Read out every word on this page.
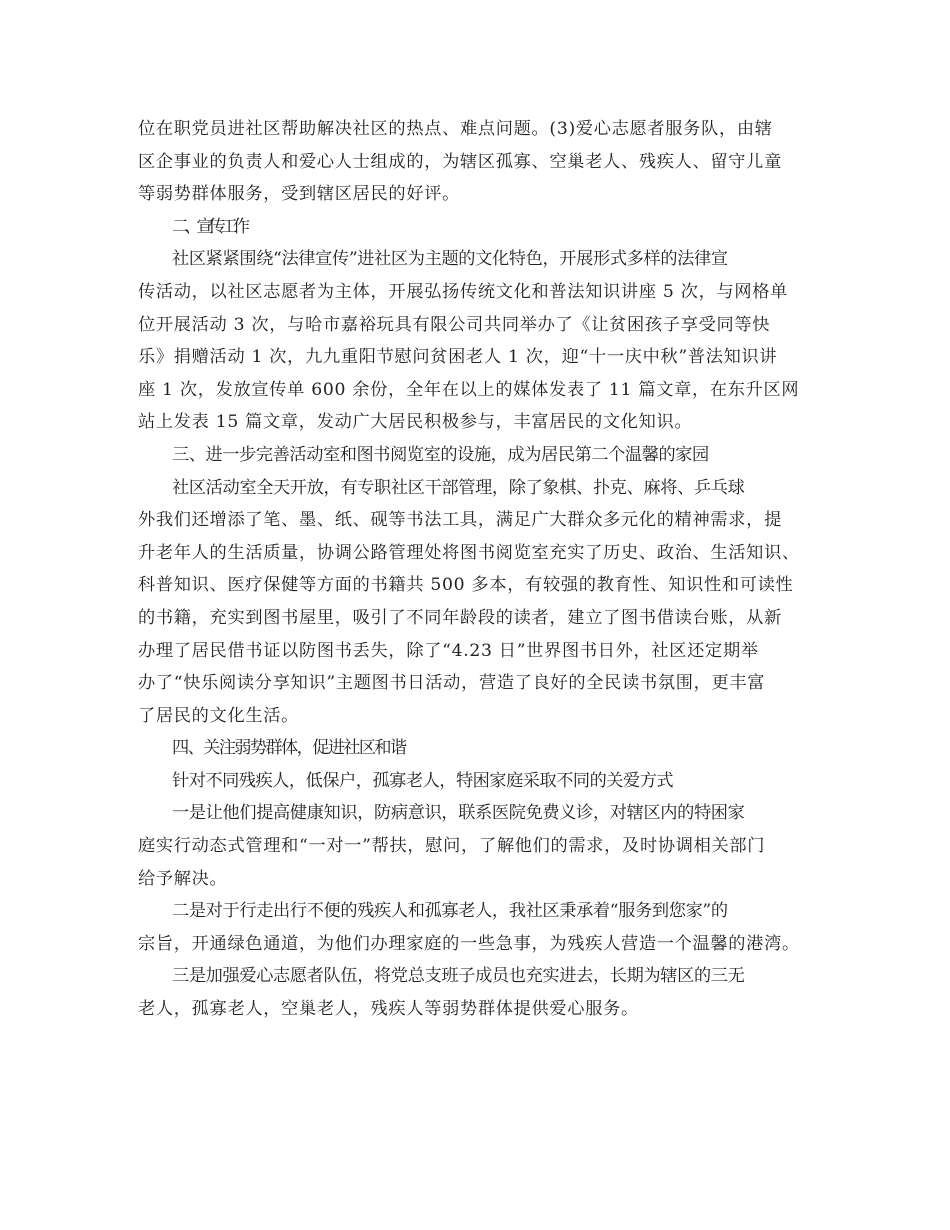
位在职党员进社区帮助解决社区的热点、难点问题。(3)爱心志愿者服务队，由辖
区企事业的负责人和爱心人士组成的，为辖区孤寡、空巢老人、残疾人、留守儿童
等弱势群体服务，受到辖区居民的好评。
二、宣传工作
社区紧紧围绕“法律宣传”进社区为主题的文化特色，开展形式多样的法律宣
传活动，以社区志愿者为主体，开展弘扬传统文化和普法知识讲座 5 次，与网格单
位开展活动 3 次，与哈市嘉裕玩具有限公司共同举办了《让贫困孩子享受同等快
乐》捐赠活动 1 次，九九重阳节慰问贫困老人 1 次，迎“十一庆中秋”普法知识讲
座 1 次，发放宣传单 600 余份，全年在以上的媒体发表了 11 篇文章，在东升区网
站上发表 15 篇文章，发动广大居民积极参与，丰富居民的文化知识。
三、进一步完善活动室和图书阅览室的设施，成为居民第二个温馨的家园
社区活动室全天开放，有专职社区干部管理，除了象棋、扑克、麻将、乒乓球
外我们还增添了笔、墨、纸、砚等书法工具，满足广大群众多元化的精神需求，提
升老年人的生活质量，协调公路管理处将图书阅览室充实了历史、政治、生活知识、
科普知识、医疗保健等方面的书籍共 500 多本，有较强的教育性、知识性和可读性
的书籍，充实到图书屋里，吸引了不同年龄段的读者，建立了图书借读台账，从新
办理了居民借书证以防图书丢失，除了“4.23 日”世界图书日外，社区还定期举
办了“快乐阅读分享知识”主题图书日活动，营造了良好的全民读书氛围，更丰富
了居民的文化生活。
四、关注弱势群体，促进社区和谐
针对不同残疾人，低保户，孤寡老人，特困家庭采取不同的关爱方式
一是让他们提高健康知识，防病意识，联系医院免费义诊，对辖区内的特困家
庭实行动态式管理和“一对一”帮扶，慰问，了解他们的需求，及时协调相关部门
给予解决。
二是对于行走出行不便的残疾人和孤寡老人，我社区秉承着“服务到您家”的
宗旨，开通绿色通道，为他们办理家庭的一些急事，为残疾人营造一个温馨的港湾。
三是加强爱心志愿者队伍，将党总支班子成员也充实进去，长期为辖区的三无
老人，孤寡老人，空巢老人，残疾人等弱势群体提供爱心服务。
